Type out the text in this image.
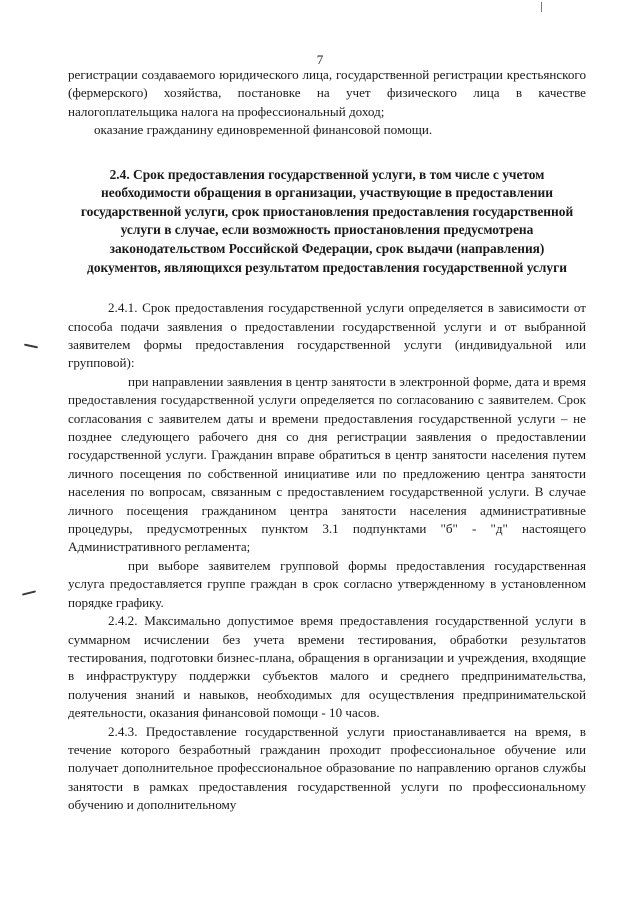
7

регистрации создаваемого юридического лица, государственной регистрации крестьянского (фермерского) хозяйства, постановке на учет физического лица в качестве налогоплательщика налога на профессиональный доход;

оказание гражданину единовременной финансовой помощи.

2.4. Срок предоставления государственной услуги, в том числе с учетом необходимости обращения в организации, участвующие в предоставлении государственной услуги, срок приостановления предоставления государственной услуги в случае, если возможность приостановления предусмотрена законодательством Российской Федерации, срок выдачи (направления) документов, являющихся результатом предоставления государственной услуги

2.4.1. Срок предоставления государственной услуги определяется в зависимости от способа подачи заявления о предоставлении государственной услуги и от выбранной заявителем формы предоставления государственной услуги (индивидуальной или групповой):

при направлении заявления в центр занятости в электронной форме, дата и время предоставления государственной услуги определяется по согласованию с заявителем. Срок согласования с заявителем даты и времени предоставления государственной услуги – не позднее следующего рабочего дня со дня регистрации заявления о предоставлении государственной услуги. Гражданин вправе обратиться в центр занятости населения путем личного посещения по собственной инициативе или по предложению центра занятости населения по вопросам, связанным с предоставлением государственной услуги. В случае личного посещения гражданином центра занятости населения административные процедуры, предусмотренных пунктом 3.1 подпунктами "б" - "д" настоящего Административного регламента;

при выборе заявителем групповой формы предоставления государственная услуга предоставляется группе граждан в срок согласно утвержденному в установленном порядке графику.

2.4.2. Максимально допустимое время предоставления государственной услуги в суммарном исчислении без учета времени тестирования, обработки результатов тестирования, подготовки бизнес-плана, обращения в организации и учреждения, входящие в инфраструктуру поддержки субъектов малого и среднего предпринимательства, получения знаний и навыков, необходимых для осуществления предпринимательской деятельности, оказания финансовой помощи - 10 часов.

2.4.3. Предоставление государственной услуги приостанавливается на время, в течение которого безработный гражданин проходит профессиональное обучение или получает дополнительное профессиональное образование по направлению органов службы занятости в рамках предоставления государственной услуги по профессиональному обучению и дополнительному
